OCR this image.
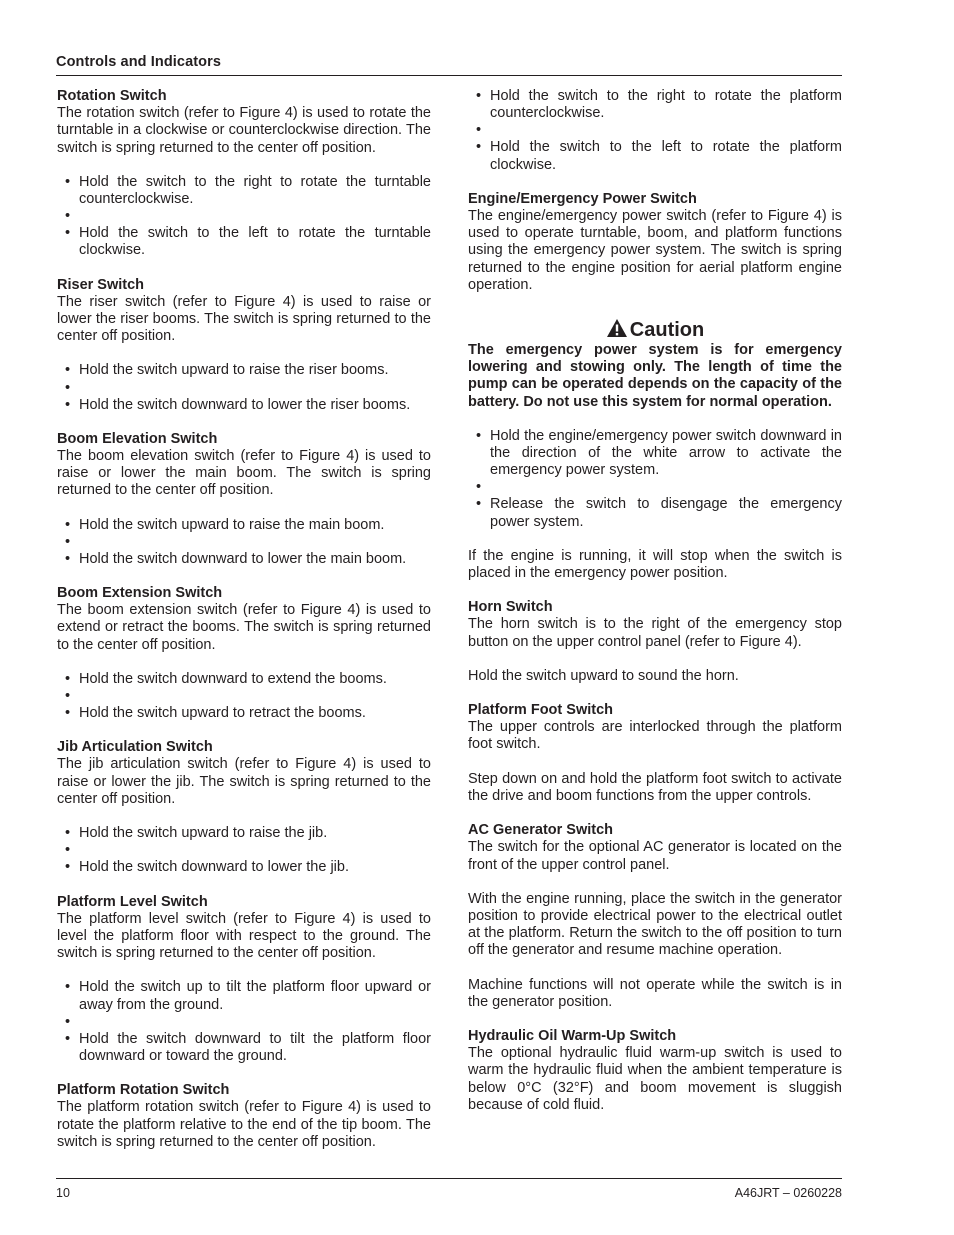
Controls and Indicators
Rotation Switch

The rotation switch (refer to Figure 4) is used to rotate the turntable in a clockwise or counterclockwise direction. The switch is spring returned to the center off position.

• Hold the switch to the right to rotate the turntable counterclockwise.
•
• Hold the switch to the left to rotate the turntable clockwise.
Riser Switch

The riser switch (refer to Figure 4) is used to raise or lower the riser booms. The switch is spring returned to the center off position.

• Hold the switch upward to raise the riser booms.
•
• Hold the switch downward to lower the riser booms.
Boom Elevation Switch

The boom elevation switch (refer to Figure 4) is used to raise or lower the main boom. The switch is spring returned to the center off position.

• Hold the switch upward to raise the main boom.
•
• Hold the switch downward to lower the main boom.
Boom Extension Switch

The boom extension switch (refer to Figure 4) is used to extend or retract the booms. The switch is spring returned to the center off position.

• Hold the switch downward to extend the booms.
•
• Hold the switch upward to retract the booms.
Jib Articulation Switch

The jib articulation switch (refer to Figure 4) is used to raise or lower the jib. The switch is spring returned to the center off position.

• Hold the switch upward to raise the jib.
•
• Hold the switch downward to lower the jib.
Platform Level Switch

The platform level switch (refer to Figure 4) is used to level the platform floor with respect to the ground. The switch is spring returned to the center off position.

• Hold the switch up to tilt the platform floor upward or away from the ground.
•
• Hold the switch downward to tilt the platform floor downward or toward the ground.
Platform Rotation Switch

The platform rotation switch (refer to Figure 4) is used to rotate the platform relative to the end of the tip boom. The switch is spring returned to the center off position.

• Hold the switch to the right to rotate the platform counterclockwise.
•
• Hold the switch to the left to rotate the platform clockwise.
Engine/Emergency Power Switch

The engine/emergency power switch (refer to Figure 4) is used to operate turntable, boom, and platform functions using the emergency power system. The switch is spring returned to the engine position for aerial platform engine operation.

Caution

The emergency power system is for emergency lowering and stowing only. The length of time the pump can be operated depends on the capacity of the battery. Do not use this system for normal operation.

• Hold the engine/emergency power switch downward in the direction of the white arrow to activate the emergency power system.
•
• Release the switch to disengage the emergency power system.

If the engine is running, it will stop when the switch is placed in the emergency power position.

Horn Switch

The horn switch is to the right of the emergency stop button on the upper control panel (refer to Figure 4).

Hold the switch upward to sound the horn.

Platform Foot Switch

The upper controls are interlocked through the platform foot switch.

Step down on and hold the platform foot switch to activate the drive and boom functions from the upper controls.

AC Generator Switch

The switch for the optional AC generator is located on the front of the upper control panel.

With the engine running, place the switch in the generator position to provide electrical power to the electrical outlet at the platform. Return the switch to the off position to turn off the generator and resume machine operation.

Machine functions will not operate while the switch is in the generator position.

Hydraulic Oil Warm-Up Switch

The optional hydraulic fluid warm-up switch is used to warm the hydraulic fluid when the ambient temperature is below 0°C (32°F) and boom movement is sluggish because of cold fluid.

10	A46JRT – 0260228
